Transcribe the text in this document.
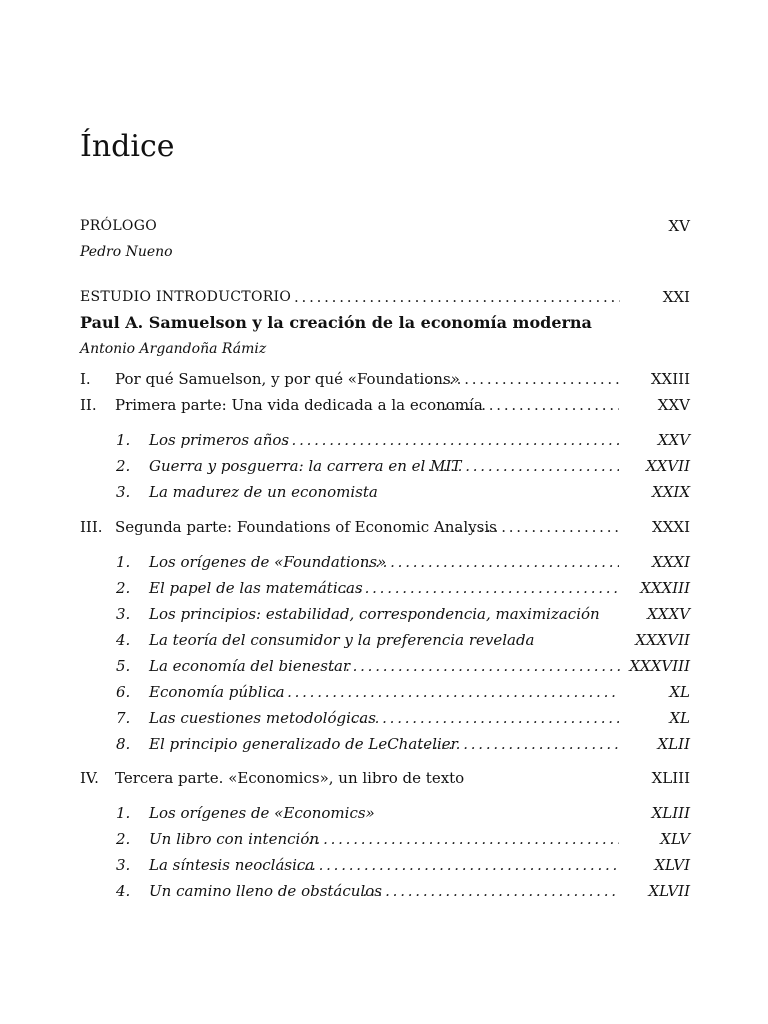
Índice
PRÓLOGO	XV
Pedro Nueno
ESTUDIO INTRODUCTORIO . . .	XXI
Paul A. Samuelson y la creación de la economía moderna
Antonio Argandoña Rámiz
I. Por qué Samuelson, y por qué «Foundations» . . .	XXIII
II. Primera parte: Una vida dedicada a la economía . . .	XXV
1. Los primeros años . . .	XXV
2. Guerra y posguerra: la carrera en el MIT . . .	XXVII
3. La madurez de un economista	XXIX
III. Segunda parte: Foundations of Economic Analysis . . .	XXXI
1. Los orígenes de «Foundations» . . .	XXXI
2. El papel de las matemáticas . . .	XXXIII
3. Los principios: estabilidad, correspondencia, maximización	XXXV
4. La teoría del consumidor y la preferencia revelada	XXXVII
5. La economía del bienestar . . .	XXXVIII
6. Economía pública . . .	XL
7. Las cuestiones metodológicas . . .	XL
8. El principio generalizado de LeChatelier . . .	XLII
IV. Tercera parte. «Economics», un libro de texto	XLIII
1. Los orígenes de «Economics»	XLIII
2. Un libro con intención . . .	XLV
3. La síntesis neoclásica . . .	XLVI
4. Un camino lleno de obstáculos . . .	XLVII
